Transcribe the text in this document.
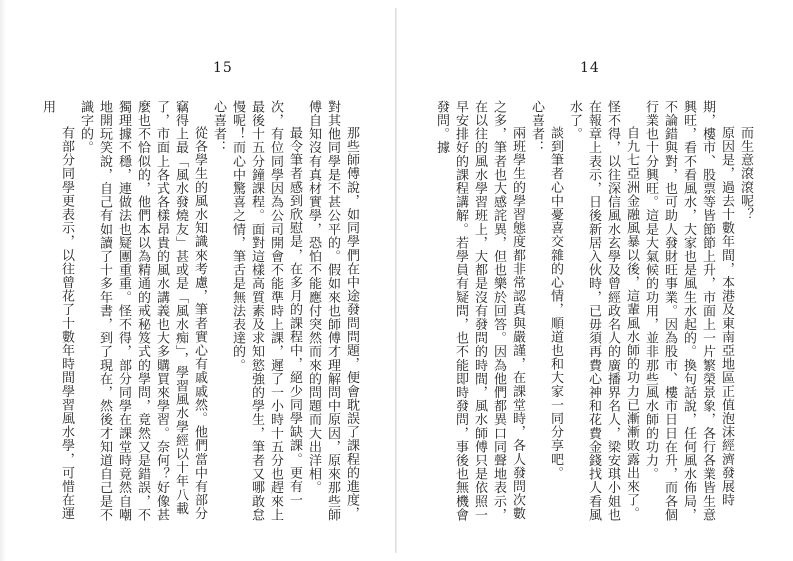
15

那些師傅說，如同學們在中途發問問題，便會耽誤了課程的進度，對其他同學是不甚公平的。假如來也師傅才理解問中原因，原來那些師傅自知沒有真材實學，恐怕不能應付突然而來的問題而大出洋相。

最令筆者感到欣慰是，在多月的課程中，絕少同學缺課。更有一次，有位同學因為公司開會不能準時上課，遲了一小時十五分也趕來上最後十五分鐘課程。面對這樣高質素及求知慾強的學生，筆者又哪敢怠慢呢！而心中驚喜之情，筆舌是無法表達的。

心喜者：

從各學生的風水知識來考慮，筆者實心有戚戚然。他們當中有部分竊得上最「風水發燒友」甚或是「風水痴」，學習風水學經以十年八載了，市面上各式各樣昂貴的風水講義也大多購買來學習。奈何？好像甚麼也不恰似的，他們本以為精通的戒秘笈式的學問，竟然又是錯誤，不獨理據不穩，連做法也疑團重重。怪不得，部分同學在課堂時竟然自嘲地開玩笑說，自己有如讀了十多年書，到了現在，然後才知道自己是不識字的。

有部分同學更表示，以往曾花了十數年時間學習風水學，可惜在運用

14

而生意滾滾呢？

原因是，過去十數年間，本港及東南亞地區正值泡沫經濟發展時期，樓市、股票等皆節節上升，市面上一片繁榮景象，各行各業皆生意興旺，看不看風水，大家也是風生水起的。換句話說，任何風水佈局，不論錯與對，也可助人發財旺事業。因為股市、樓市日日在升，而各個行業也十分興旺。這是大氣候的功用，並非那些風水師的功力。

自九七亞洲金融風暴以後，這輩風水師的功力已漸漸敗露出來了。怪不得，以往深信風水玄學及曾經政名人的廣播界名人，梁安琪小姐也在報章上表示，日後新居入伙時，已毋須再費心神和花費金錢找人看風水了。

談到筆者心中憂喜交雜的心情，順道也和大家一同分享吧。

心喜者：

兩班學生的學習態度都非常認真與嚴謹，在課堂時，各人發問次數之多，筆者也大感詫異，但也樂於回答。因為他們都異口同聲地表示，在以往的風水學習班上，大都是沒有發問的時間，風水師傅只是依照一早安排好的課程講解。若學員有疑問，也不能即時發問，事後也無機會發問。據
